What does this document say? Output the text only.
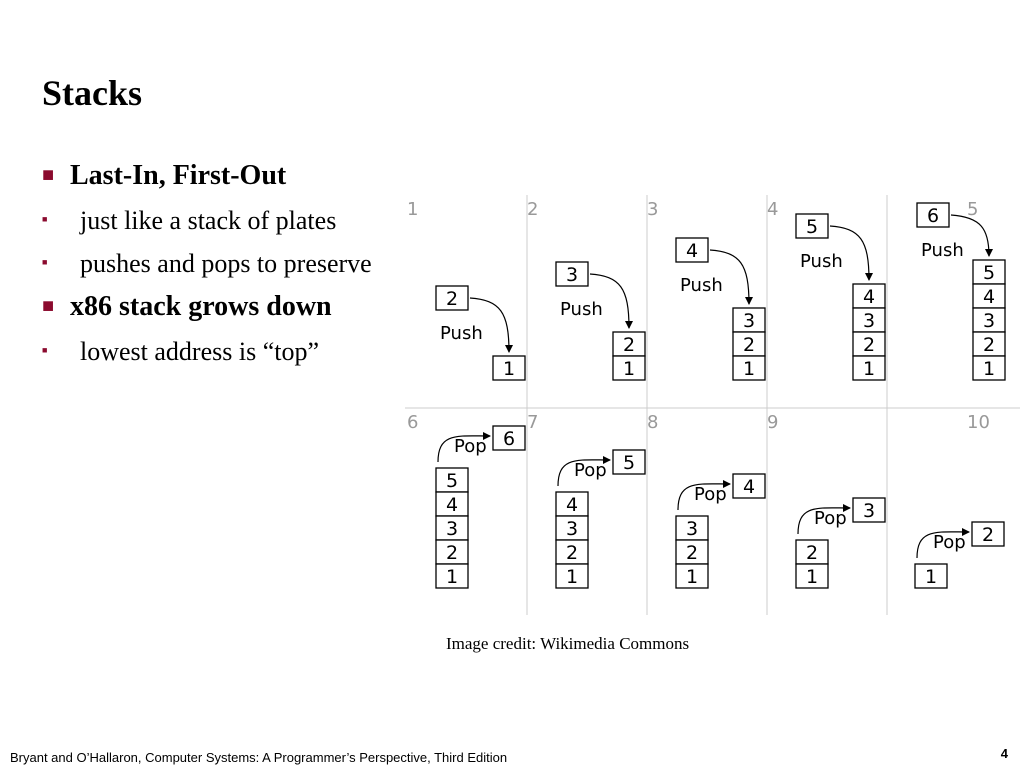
Stacks
■ Last-In, First-Out
■ just like a stack of plates
■ pushes and pops to preserve
■ x86 stack grows down
■ lowest address is “top”
1
1
2
Push
2
2
1
3
Push
3
3
2
1
4
Push
4
4
3
2
1
5
Push
5
5
4
3
2
1
6
Push
6
5
4
3
2
1
6
Pop
7
4
3
2
1
5
Pop
8
3
2
1
4
Pop
9
2
1
3
Pop
10
1
2
Pop
Image credit: Wikimedia Commons
Bryant and O’Hallaron, Computer Systems: A Programmer’s Perspective, Third Edition	4
